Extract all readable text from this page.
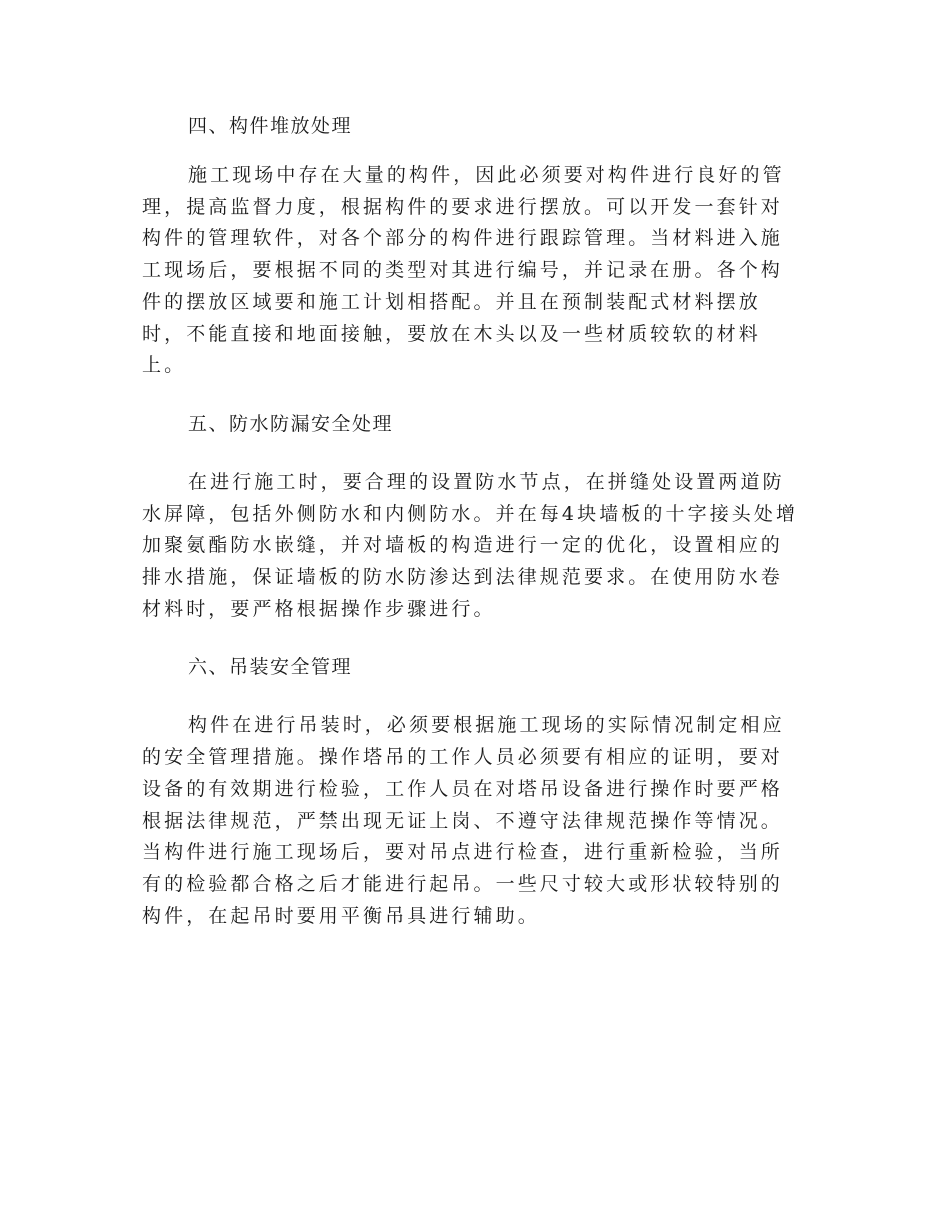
四、构件堆放处理

施工现场中存在大量的构件，因此必须要对构件进行良好的管理，提高监督力度，根据构件的要求进行摆放。可以开发一套针对构件的管理软件，对各个部分的构件进行跟踪管理。当材料进入施工现场后，要根据不同的类型对其进行编号，并记录在册。各个构件的摆放区域要和施工计划相搭配。并且在预制装配式材料摆放时，不能直接和地面接触，要放在木头以及一些材质较软的材料上。

五、防水防漏安全处理

在进行施工时，要合理的设置防水节点，在拼缝处设置两道防水屏障，包括外侧防水和内侧防水。并在每4块墙板的十字接头处增加聚氨酯防水嵌缝，并对墙板的构造进行一定的优化，设置相应的排水措施，保证墙板的防水防渗达到法律规范要求。在使用防水卷材料时，要严格根据操作步骤进行。

六、吊装安全管理

构件在进行吊装时，必须要根据施工现场的实际情况制定相应的安全管理措施。操作塔吊的工作人员必须要有相应的证明，要对设备的有效期进行检验，工作人员在对塔吊设备进行操作时要严格根据法律规范，严禁出现无证上岗、不遵守法律规范操作等情况。当构件进行施工现场后，要对吊点进行检查，进行重新检验，当所有的检验都合格之后才能进行起吊。一些尺寸较大或形状较特别的构件，在起吊时要用平衡吊具进行辅助。
